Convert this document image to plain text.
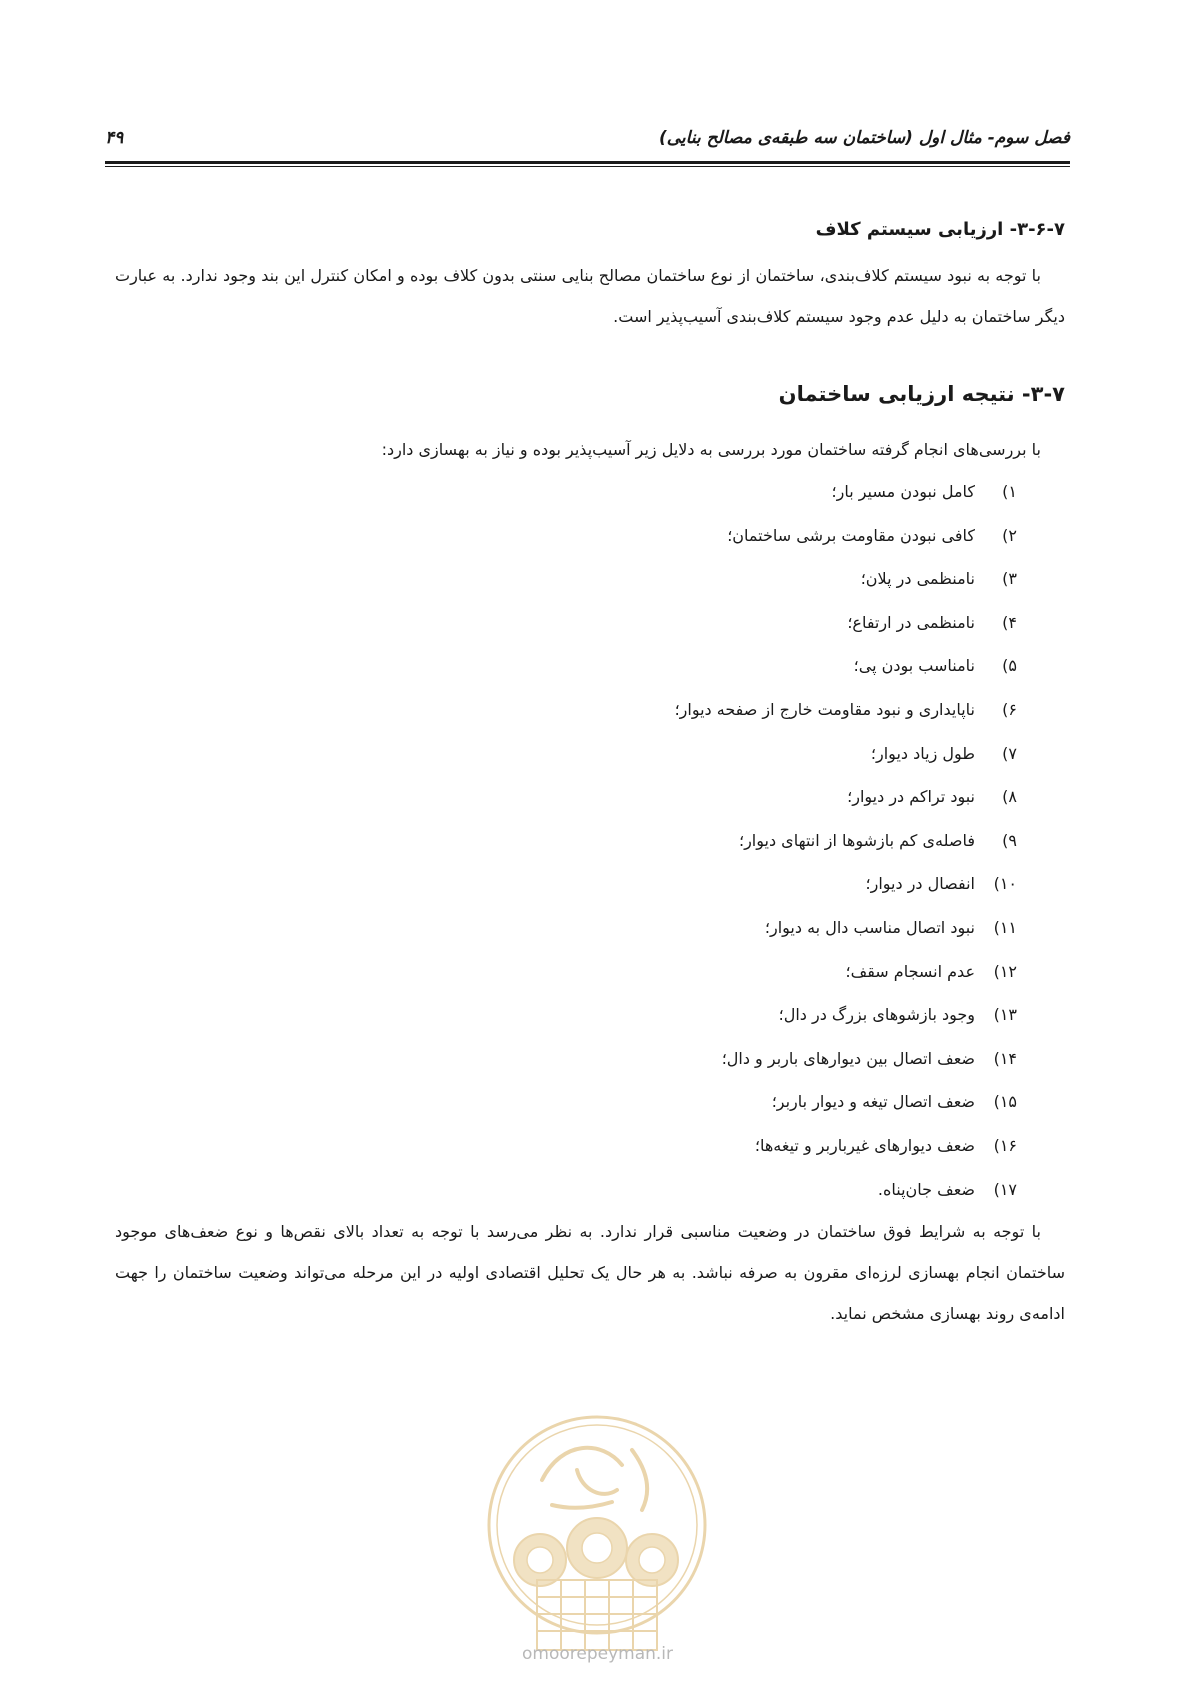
فصل سوم- مثال اول (ساختمان سه طبقه‌ی مصالح بنایی)
۴۹
۳-۶-۷- ارزیابی سیستم کلاف

با توجه به نبود سیستم کلاف‌بندی، ساختمان از نوع ساختمان مصالح بنایی سنتی بدون کلاف بوده و امکان کنترل این بند وجود ندارد. به عبارت دیگر ساختمان به دلیل عدم وجود سیستم کلاف‌بندی آسیب‌پذیر است.

۳-۷- نتیجه ارزیابی ساختمان

با بررسی‌های انجام گرفته ساختمان مورد بررسی به دلایل زیر آسیب‌پذیر بوده و نیاز به بهسازی دارد:

۱)
کامل نبودن مسیر بار؛
۲)
کافی نبودن مقاومت برشی ساختمان؛
۳)
نامنظمی در پلان؛
۴)
نامنظمی در ارتفاع؛
۵)
نامناسب بودن پی؛
۶)
ناپایداری و نبود مقاومت خارج از صفحه دیوار؛
۷)
طول زیاد دیوار؛
۸)
نبود تراکم در دیوار؛
۹)
فاصله‌ی کم بازشوها از انتهای دیوار؛
۱۰)
انفصال در دیوار؛
۱۱)
نبود اتصال مناسب دال به دیوار؛
۱۲)
عدم انسجام سقف؛
۱۳)
وجود بازشوهای بزرگ در دال؛
۱۴)
ضعف اتصال بین دیوارهای باربر و دال؛
۱۵)
ضعف اتصال تیغه و دیوار باربر؛
۱۶)
ضعف دیوارهای غیرباربر و تیغه‌ها؛
۱۷)
ضعف جان‌پناه.

با توجه به شرایط فوق ساختمان در وضعیت مناسبی قرار ندارد. به نظر می‌رسد با توجه به تعداد بالای نقص‌ها و نوع ضعف‌های موجود ساختمان انجام بهسازی لرزه‌ای مقرون به صرفه نباشد. به هر حال یک تحلیل اقتصادی اولیه در این مرحله می‌تواند وضعیت ساختمان را جهت ادامه‌ی روند بهسازی مشخص نماید.

omoorepeyman.ir
